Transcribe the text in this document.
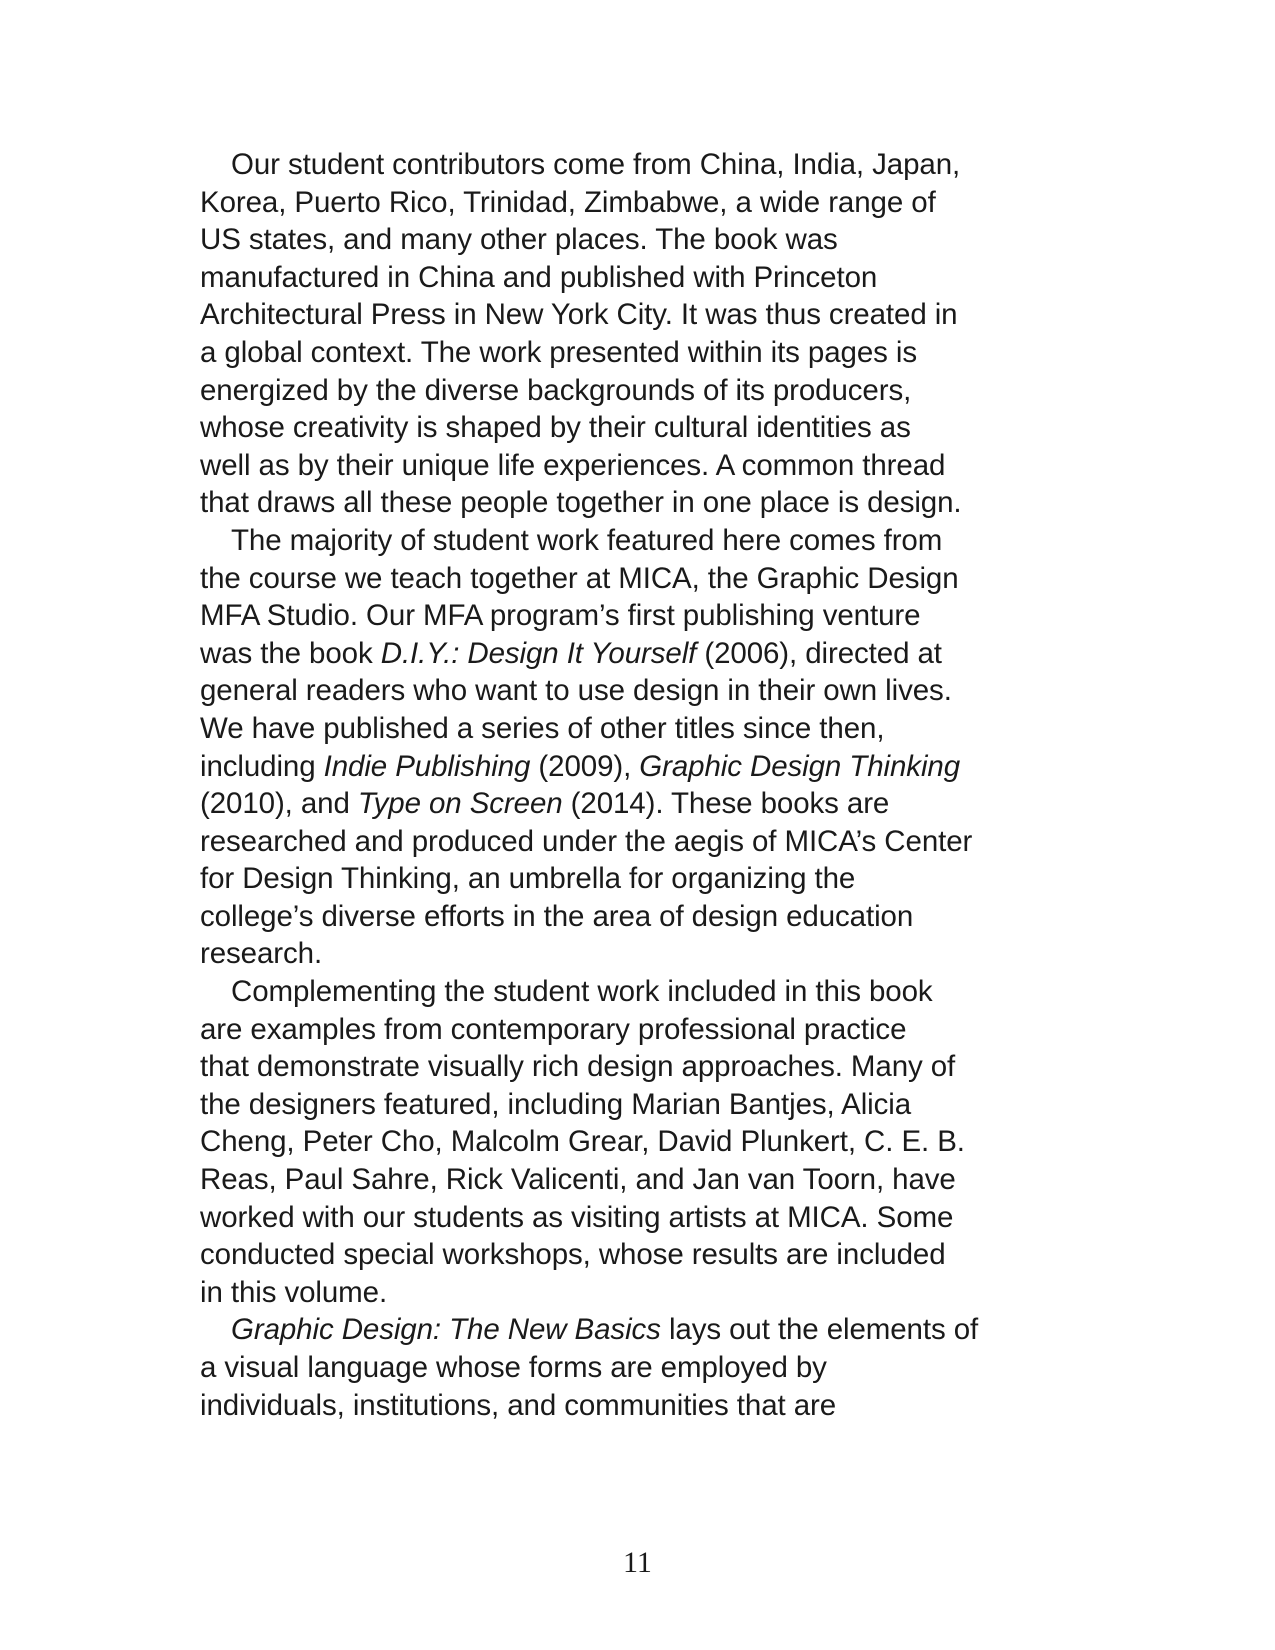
Our student contributors come from China, India, Japan,
Korea, Puerto Rico, Trinidad, Zimbabwe, a wide range of
US states, and many other places. The book was
manufactured in China and published with Princeton
Architectural Press in New York City. It was thus created in
a global context. The work presented within its pages is
energized by the diverse backgrounds of its producers,
whose creativity is shaped by their cultural identities as
well as by their unique life experiences. A common thread
that draws all these people together in one place is design.
The majority of student work featured here comes from
the course we teach together at MICA, the Graphic Design
MFA Studio. Our MFA program’s first publishing venture
was the book D.I.Y.: Design It Yourself (2006), directed at
general readers who want to use design in their own lives.
We have published a series of other titles since then,
including Indie Publishing (2009), Graphic Design Thinking
(2010), and Type on Screen (2014). These books are
researched and produced under the aegis of MICA’s Center
for Design Thinking, an umbrella for organizing the
college’s diverse efforts in the area of design education
research.
Complementing the student work included in this book
are examples from contemporary professional practice
that demonstrate visually rich design approaches. Many of
the designers featured, including Marian Bantjes, Alicia
Cheng, Peter Cho, Malcolm Grear, David Plunkert, C. E. B.
Reas, Paul Sahre, Rick Valicenti, and Jan van Toorn, have
worked with our students as visiting artists at MICA. Some
conducted special workshops, whose results are included
in this volume.
Graphic Design: The New Basics lays out the elements of
a visual language whose forms are employed by
individuals, institutions, and communities that are
11
